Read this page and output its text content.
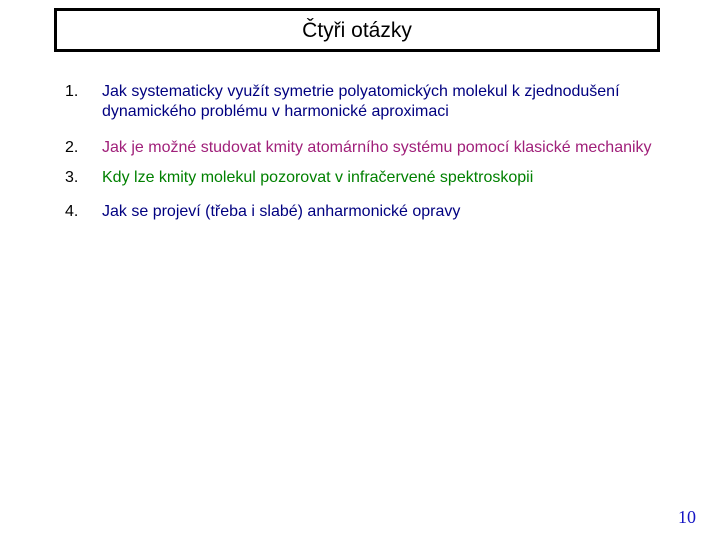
Čtyři otázky
1. Jak systematicky využít symetrie polyatomických molekul k zjednodušení dynamického problému v harmonické aproximaci
2. Jak je možné studovat kmity atomárního systému pomocí klasické mechaniky
3. Kdy lze kmity molekul pozorovat v infračervené spektroskopii
4. Jak se projeví (třeba i slabé) anharmonické opravy
10
